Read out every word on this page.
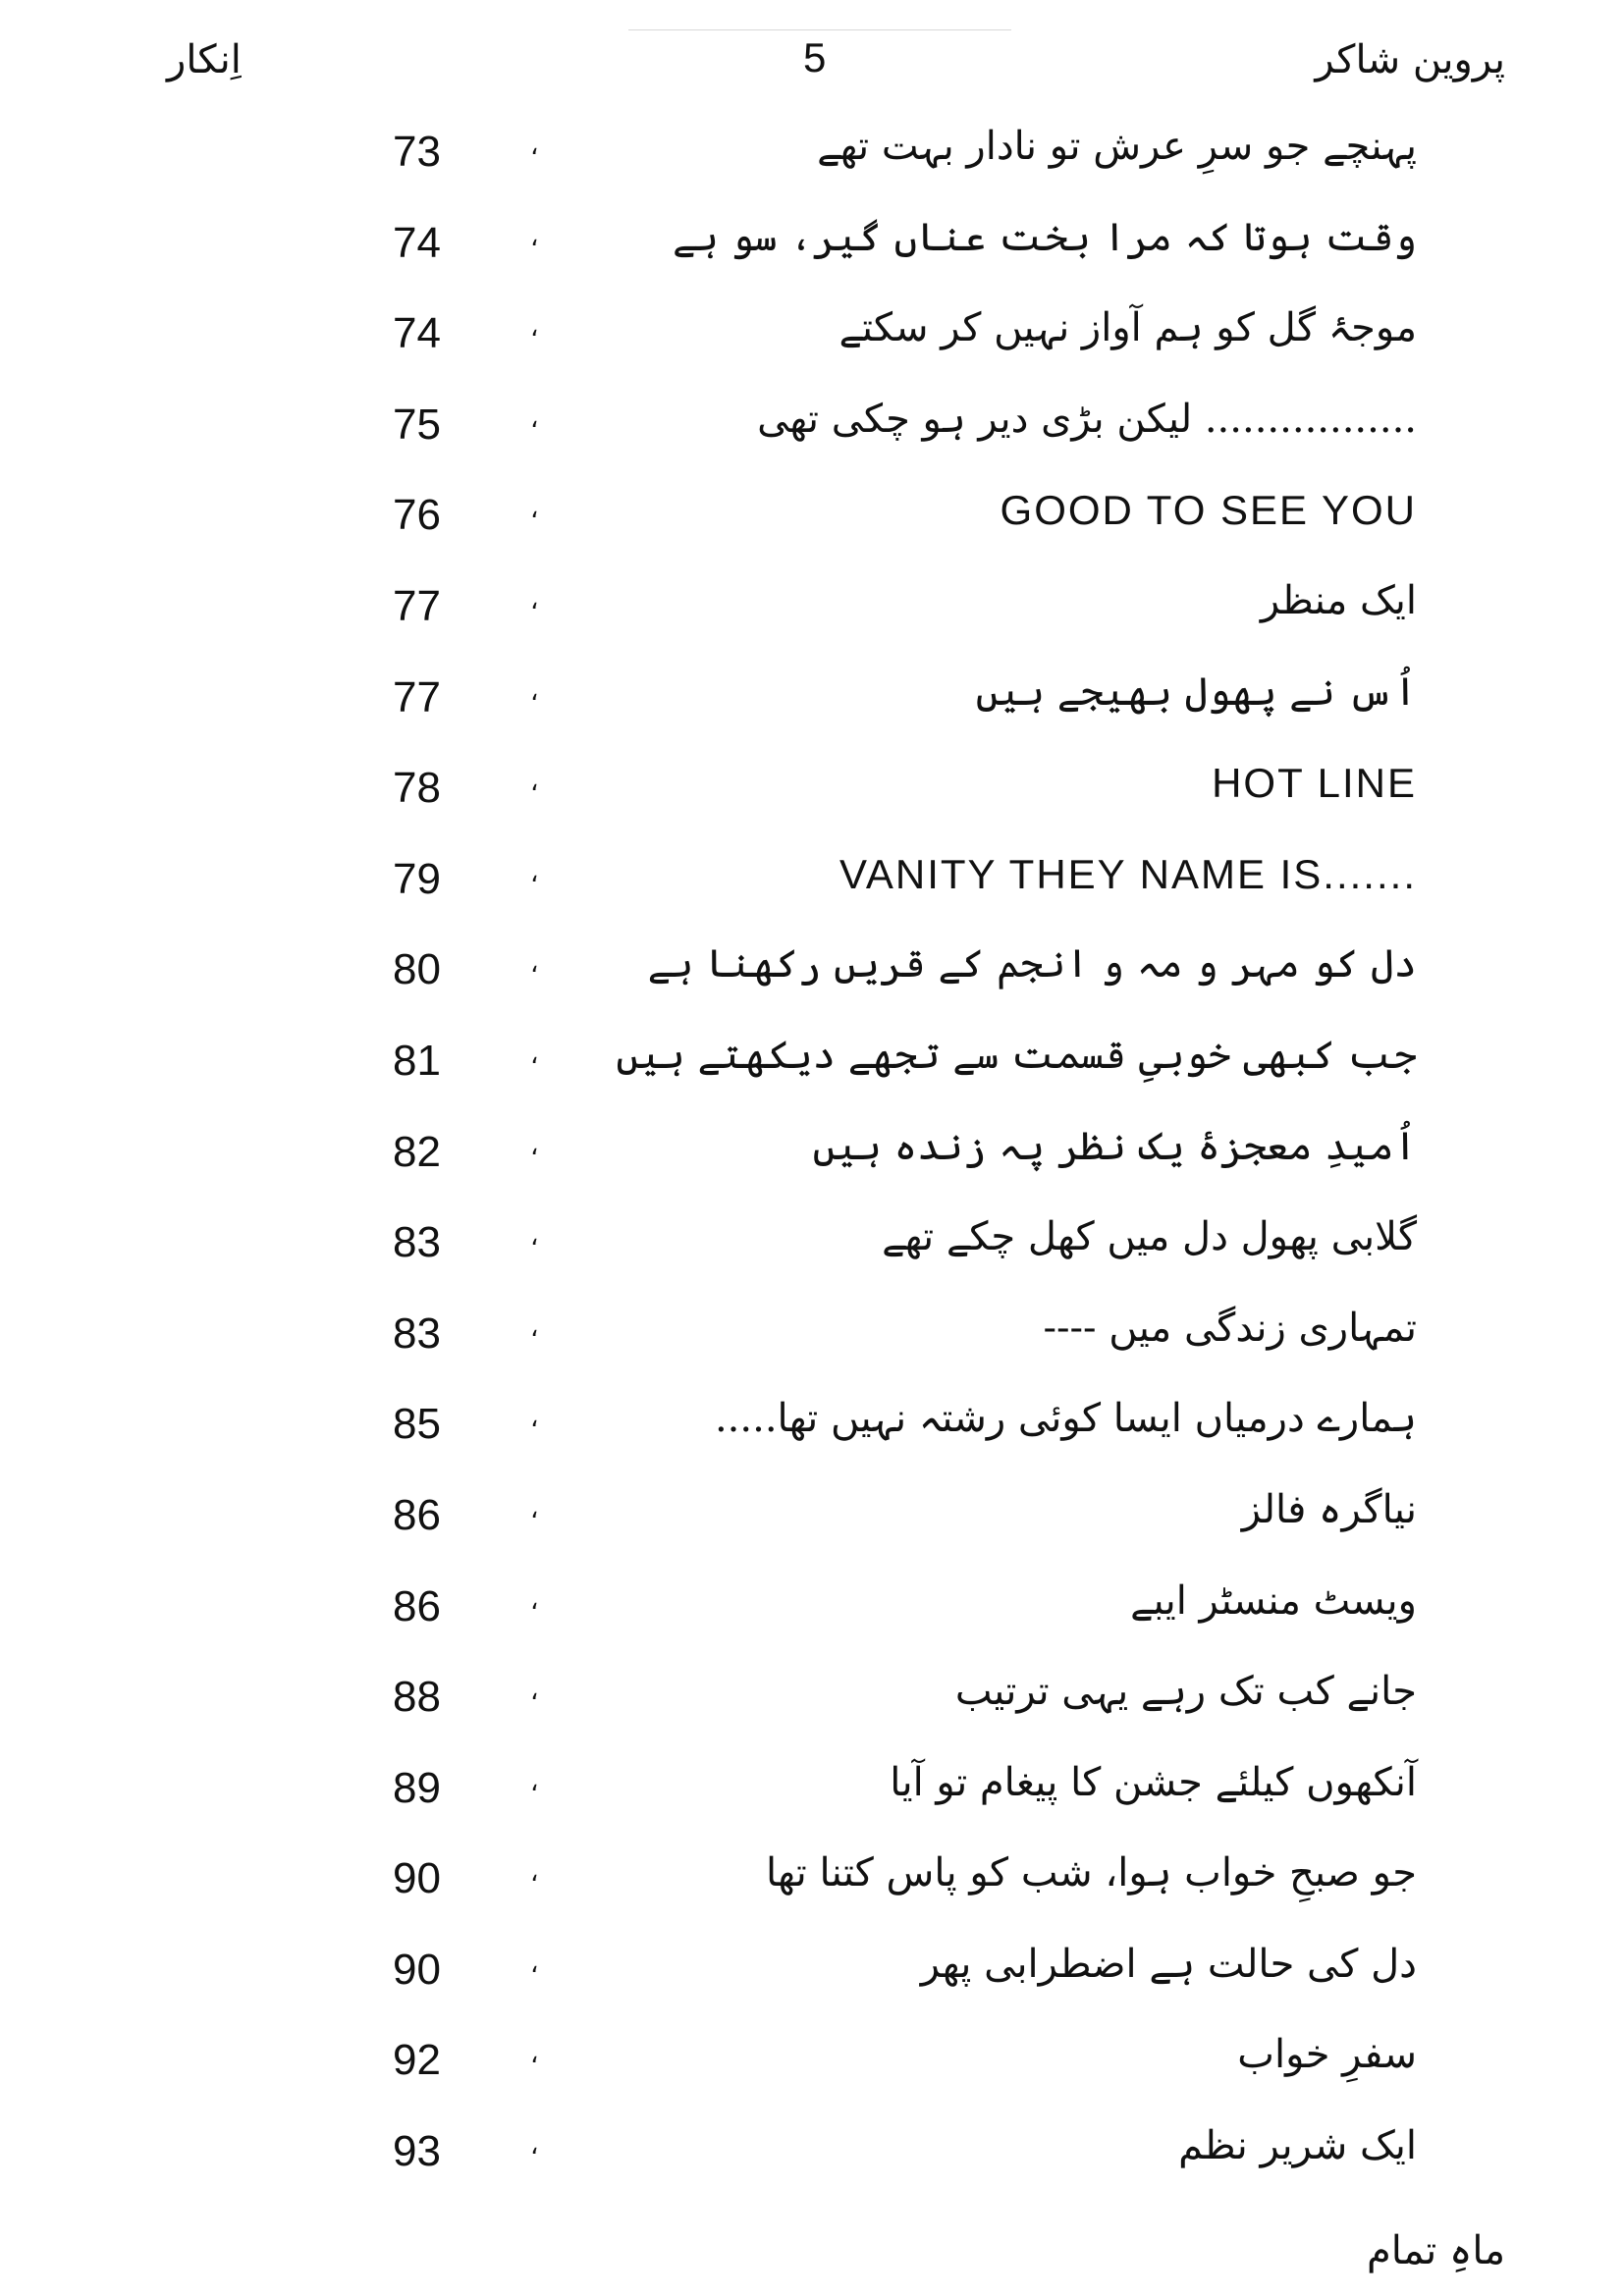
اِنکار	5	پروین شاکر
73	،	پہنچے جو سرِ عرش تو نادار بہت تھے
74	،	وقت ہوتا کہ مرا بخت عناں گیر، سو ہے
74	،	موجۂ گل کو ہم آواز نہیں کر سکتے
75	،	................. لیکن بڑی دیر ہو چکی تھی
76	،	GOOD TO SEE YOU
77	،	ایک منظر
77	،	اُس نے پھول بھیجے ہیں
78	،	HOT LINE
79	،	VANITY THEY NAME IS.......
80	،	دل کو مہر و مہ و انجم کے قریں رکھنا ہے
81	، جب کبھی خوبیِ قسمت سے تجھے دیکھتے ہیں
82	،	اُمیدِ معجزۂ یک نظر پہ زندہ ہیں
83	،	گلابی پھول دل میں کھل چکے تھے
83	،	تمہاری زندگی میں ----
85	،	ہمارے درمیاں ایسا کوئی رشتہ نہیں تھا.....
86	،	نیاگرہ فالز
86	،	ویسٹ منسٹر ایبے
88	،	جانے کب تک رہے یہی ترتیب
89	،	آنکھوں کیلئے جشن کا پیغام تو آیا
90	،	جو صبحِ خواب ہوا، شب کو پاس کتنا تھا
90	،	دل کی حالت ہے اضطرابی پھر
92	،	سفرِ خواب
93	،	ایک شریر نظم
ماہِ تمام
